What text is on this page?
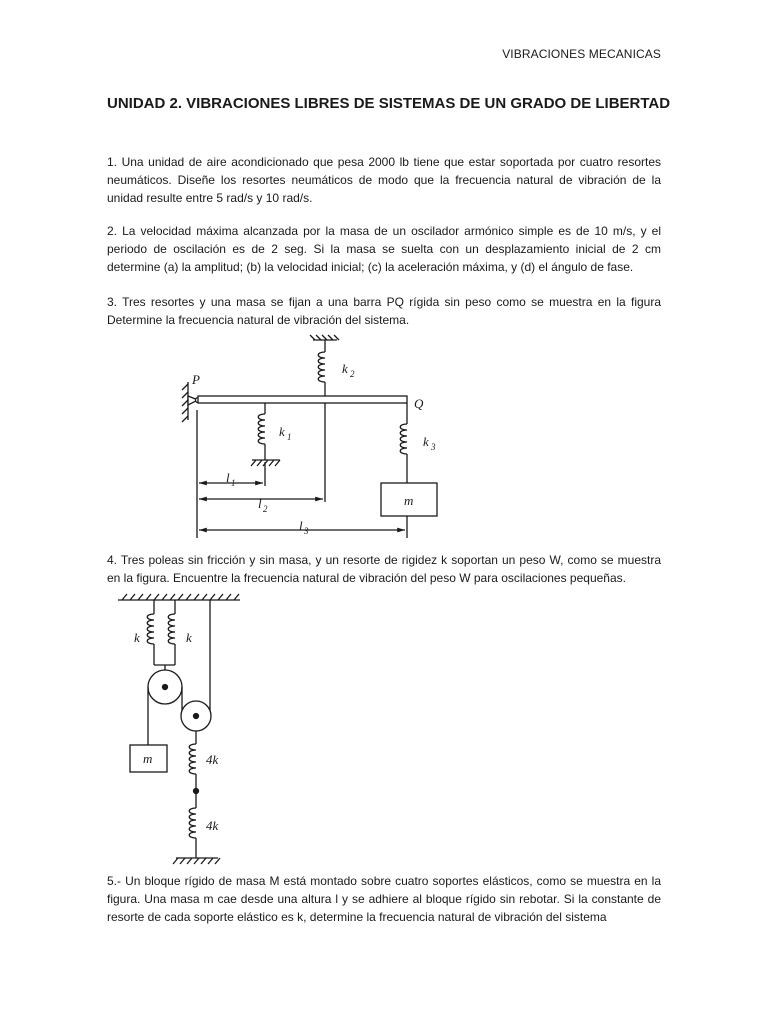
VIBRACIONES MECANICAS
UNIDAD 2. VIBRACIONES LIBRES DE SISTEMAS DE UN GRADO DE LIBERTAD
1. Una unidad de aire acondicionado que pesa 2000 lb tiene que estar soportada por cuatro resortes neumáticos. Diseñe los resortes neumáticos de modo que la frecuencia natural de vibración de la unidad resulte entre 5 rad/s y 10 rad/s.
2. La velocidad máxima alcanzada por la masa de un oscilador armónico simple es de 10 m/s, y el periodo de oscilación es de 2 seg. Si la masa se suelta con un desplazamiento inicial de 2 cm determine (a) la amplitud; (b) la velocidad inicial; (c) la aceleración máxima, y (d) el ángulo de fase.
3. Tres resortes y una masa se fijan a una barra PQ rígida sin peso como se muestra en la figura Determine la frecuencia natural de vibración del sistema.
4. Tres poleas sin fricción y sin masa, y un resorte de rigidez k soportan un peso W, como se muestra en la figura. Encuentre la frecuencia natural de vibración del peso W para oscilaciones pequeñas.
5.- Un bloque rígido de masa M está montado sobre cuatro soportes elásticos, como se muestra en la figura. Una masa m cae desde una altura l y se adhiere al bloque rígido sin rebotar. Si la constante de resorte de cada soporte elástico es k, determine la frecuencia natural de vibración del sistema
P
Q
k 2
k 1	k 3
m
l 1
l 2
l 3
k	k
m	4k
4k
